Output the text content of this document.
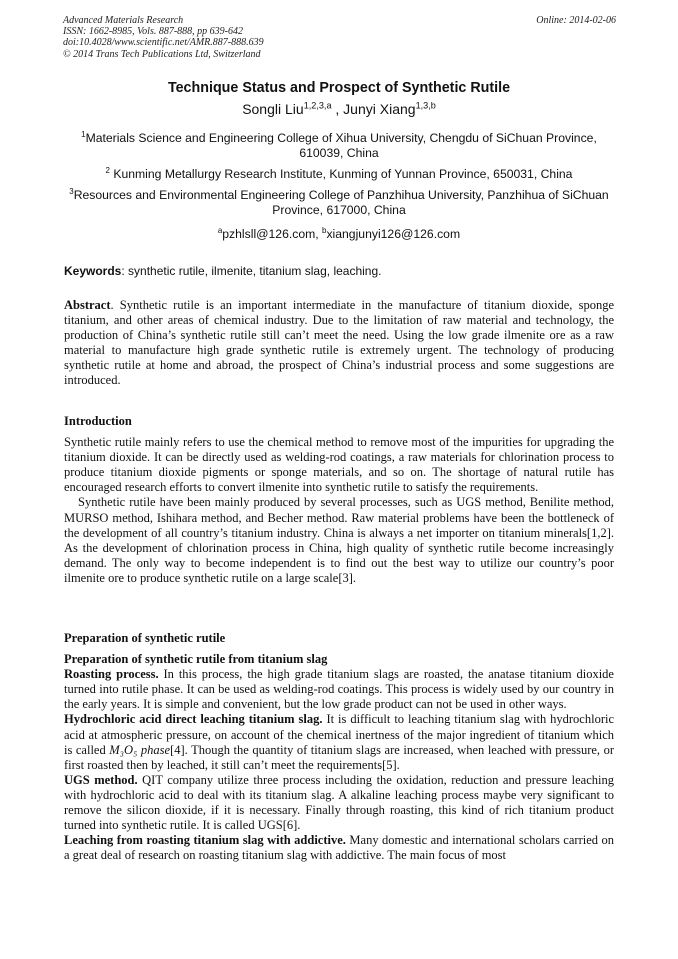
Advanced Materials Research
ISSN: 1662-8985, Vols. 887-888, pp 639-642
doi:10.4028/www.scientific.net/AMR.887-888.639
© 2014 Trans Tech Publications Ltd, Switzerland
Online: 2014-02-06
Technique Status and Prospect of Synthetic Rutile
Songli Liu$^{1,2,3,a}$ , Junyi Xiang$^{1,3,b}$
$^1$Materials Science and Engineering College of Xihua University, Chengdu of SiChuan Province, 610039, China
$^2$ Kunming Metallurgy Research Institute, Kunming of Yunnan Province, 650031, China
$^3$Resources and Environmental Engineering College of Panzhihua University, Panzhihua of SiChuan Province, 617000, China
$^a$pzhlsll@126.com, $^b$xiangjunyi126@126.com
Keywords: synthetic rutile, ilmenite, titanium slag, leaching.

Abstract. Synthetic rutile is an important intermediate in the manufacture of titanium dioxide, sponge titanium, and other areas of chemical industry. Due to the limitation of raw material and technology, the production of China’s synthetic rutile still can’t meet the need. Using the low grade ilmenite ore as a raw material to manufacture high grade synthetic rutile is extremely urgent. The technology of producing synthetic rutile at home and abroad, the prospect of China’s industrial process and some suggestions are introduced.

Introduction

Synthetic rutile mainly refers to use the chemical method to remove most of the impurities for upgrading the titanium dioxide. It can be directly used as welding-rod coatings, a raw materials for chlorination process to produce titanium dioxide pigments or sponge materials, and so on. The shortage of natural rutile has encouraged research efforts to convert ilmenite into synthetic rutile to satisfy the requirements.

Synthetic rutile have been mainly produced by several processes, such as UGS method, Benilite method, MURSO method, Ishihara method, and Becher method. Raw material problems have been the bottleneck of the development of all country’s titanium industry. China is always a net importer on titanium minerals[1,2]. As the development of chlorination process in China, high quality of synthetic rutile become increasingly demand. The only way to become independent is to find out the best way to utilize our country’s poor ilmenite ore to produce synthetic rutile on a large scale[3].

Preparation of synthetic rutile

Preparation of synthetic rutile from titanium slag

Roasting process. In this process, the high grade titanium slags are roasted, the anatase titanium dioxide turned into rutile phase. It can be used as welding-rod coatings. This process is widely used by our country in the early years. It is simple and convenient, but the low grade product can not be used in other ways.

Hydrochloric acid direct leaching titanium slag. It is difficult to leaching titanium slag with hydrochloric acid at atmospheric pressure, on account of the chemical inertness of the major ingredient of titanium which is called M₃O₅ phase[4]. Though the quantity of titanium slags are increased, when leached with pressure, or first roasted then by leached, it still can’t meet the requirements[5].

UGS method. QIT company utilize three process including the oxidation, reduction and pressure leaching with hydrochloric acid to deal with its titanium slag. A alkaline leaching process maybe very significant to remove the silicon dioxide, if it is necessary. Finally through roasting, this kind of rich titanium product turned into synthetic rutile. It is called UGS[6].

Leaching from roasting titanium slag with addictive. Many domestic and international scholars carried on a great deal of research on roasting titanium slag with addictive. The main focus of most
